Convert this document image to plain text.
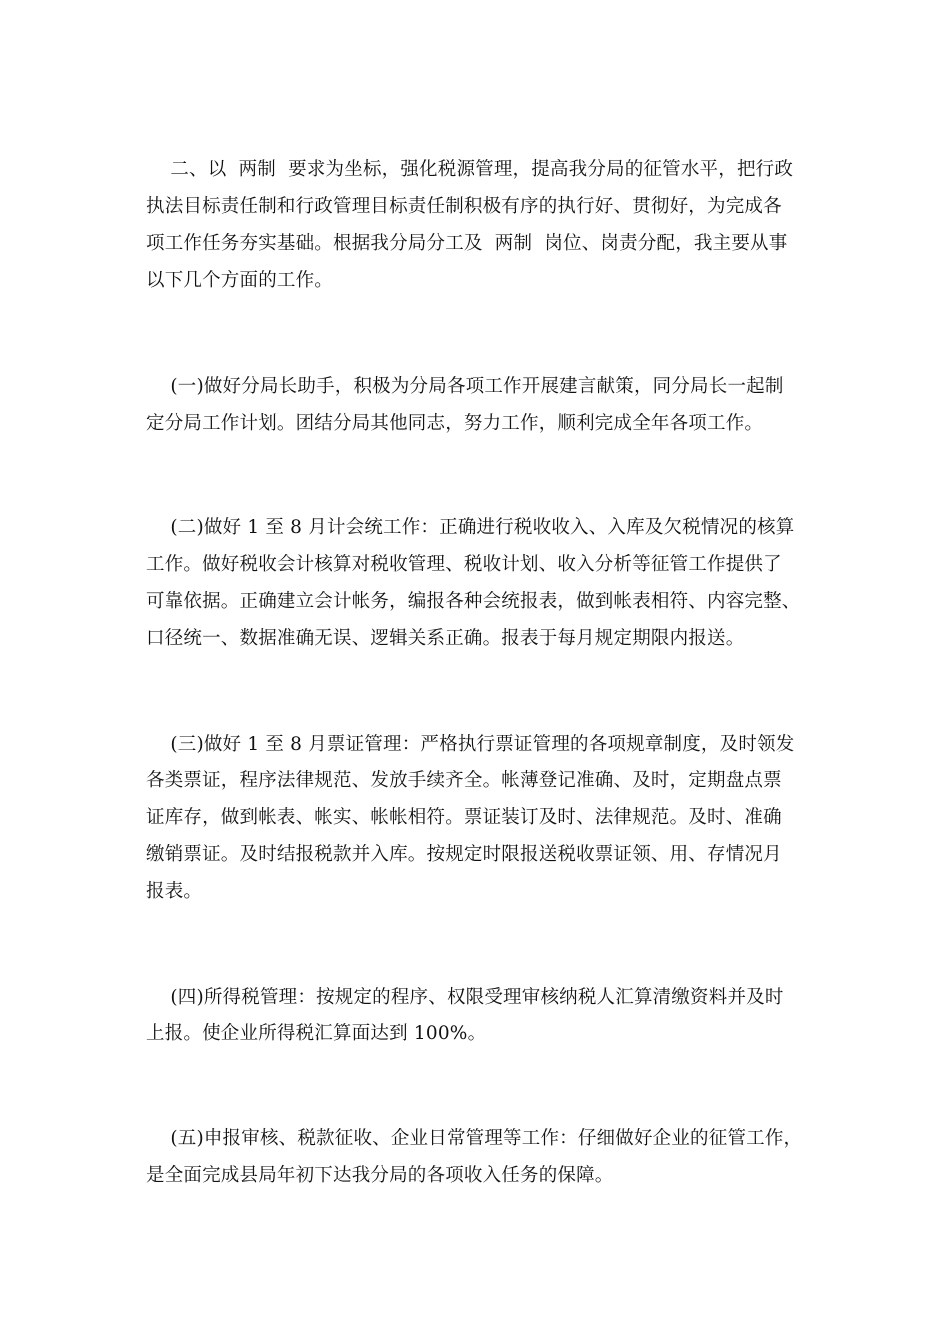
二、以  两制  要求为坐标，强化税源管理，提高我分局的征管水平，把行政
执法目标责任制和行政管理目标责任制积极有序的执行好、贯彻好，为完成各
项工作任务夯实基础。根据我分局分工及  两制  岗位、岗责分配，我主要从事
以下几个方面的工作。
(一)做好分局长助手，积极为分局各项工作开展建言献策，同分局长一起制
定分局工作计划。团结分局其他同志，努力工作，顺利完成全年各项工作。
(二)做好 1 至 8 月计会统工作：正确进行税收收入、入库及欠税情况的核算
工作。做好税收会计核算对税收管理、税收计划、收入分析等征管工作提供了
可靠依据。正确建立会计帐务，编报各种会统报表，做到帐表相符、内容完整、
口径统一、数据准确无误、逻辑关系正确。报表于每月规定期限内报送。
(三)做好 1 至 8 月票证管理：严格执行票证管理的各项规章制度，及时领发
各类票证，程序法律规范、发放手续齐全。帐薄登记准确、及时，定期盘点票
证库存，做到帐表、帐实、帐帐相符。票证装订及时、法律规范。及时、准确
缴销票证。及时结报税款并入库。按规定时限报送税收票证领、用、存情况月
报表。
(四)所得税管理：按规定的程序、权限受理审核纳税人汇算清缴资料并及时
上报。使企业所得税汇算面达到 100%。
(五)申报审核、税款征收、企业日常管理等工作：仔细做好企业的征管工作，
是全面完成县局年初下达我分局的各项收入任务的保障。
